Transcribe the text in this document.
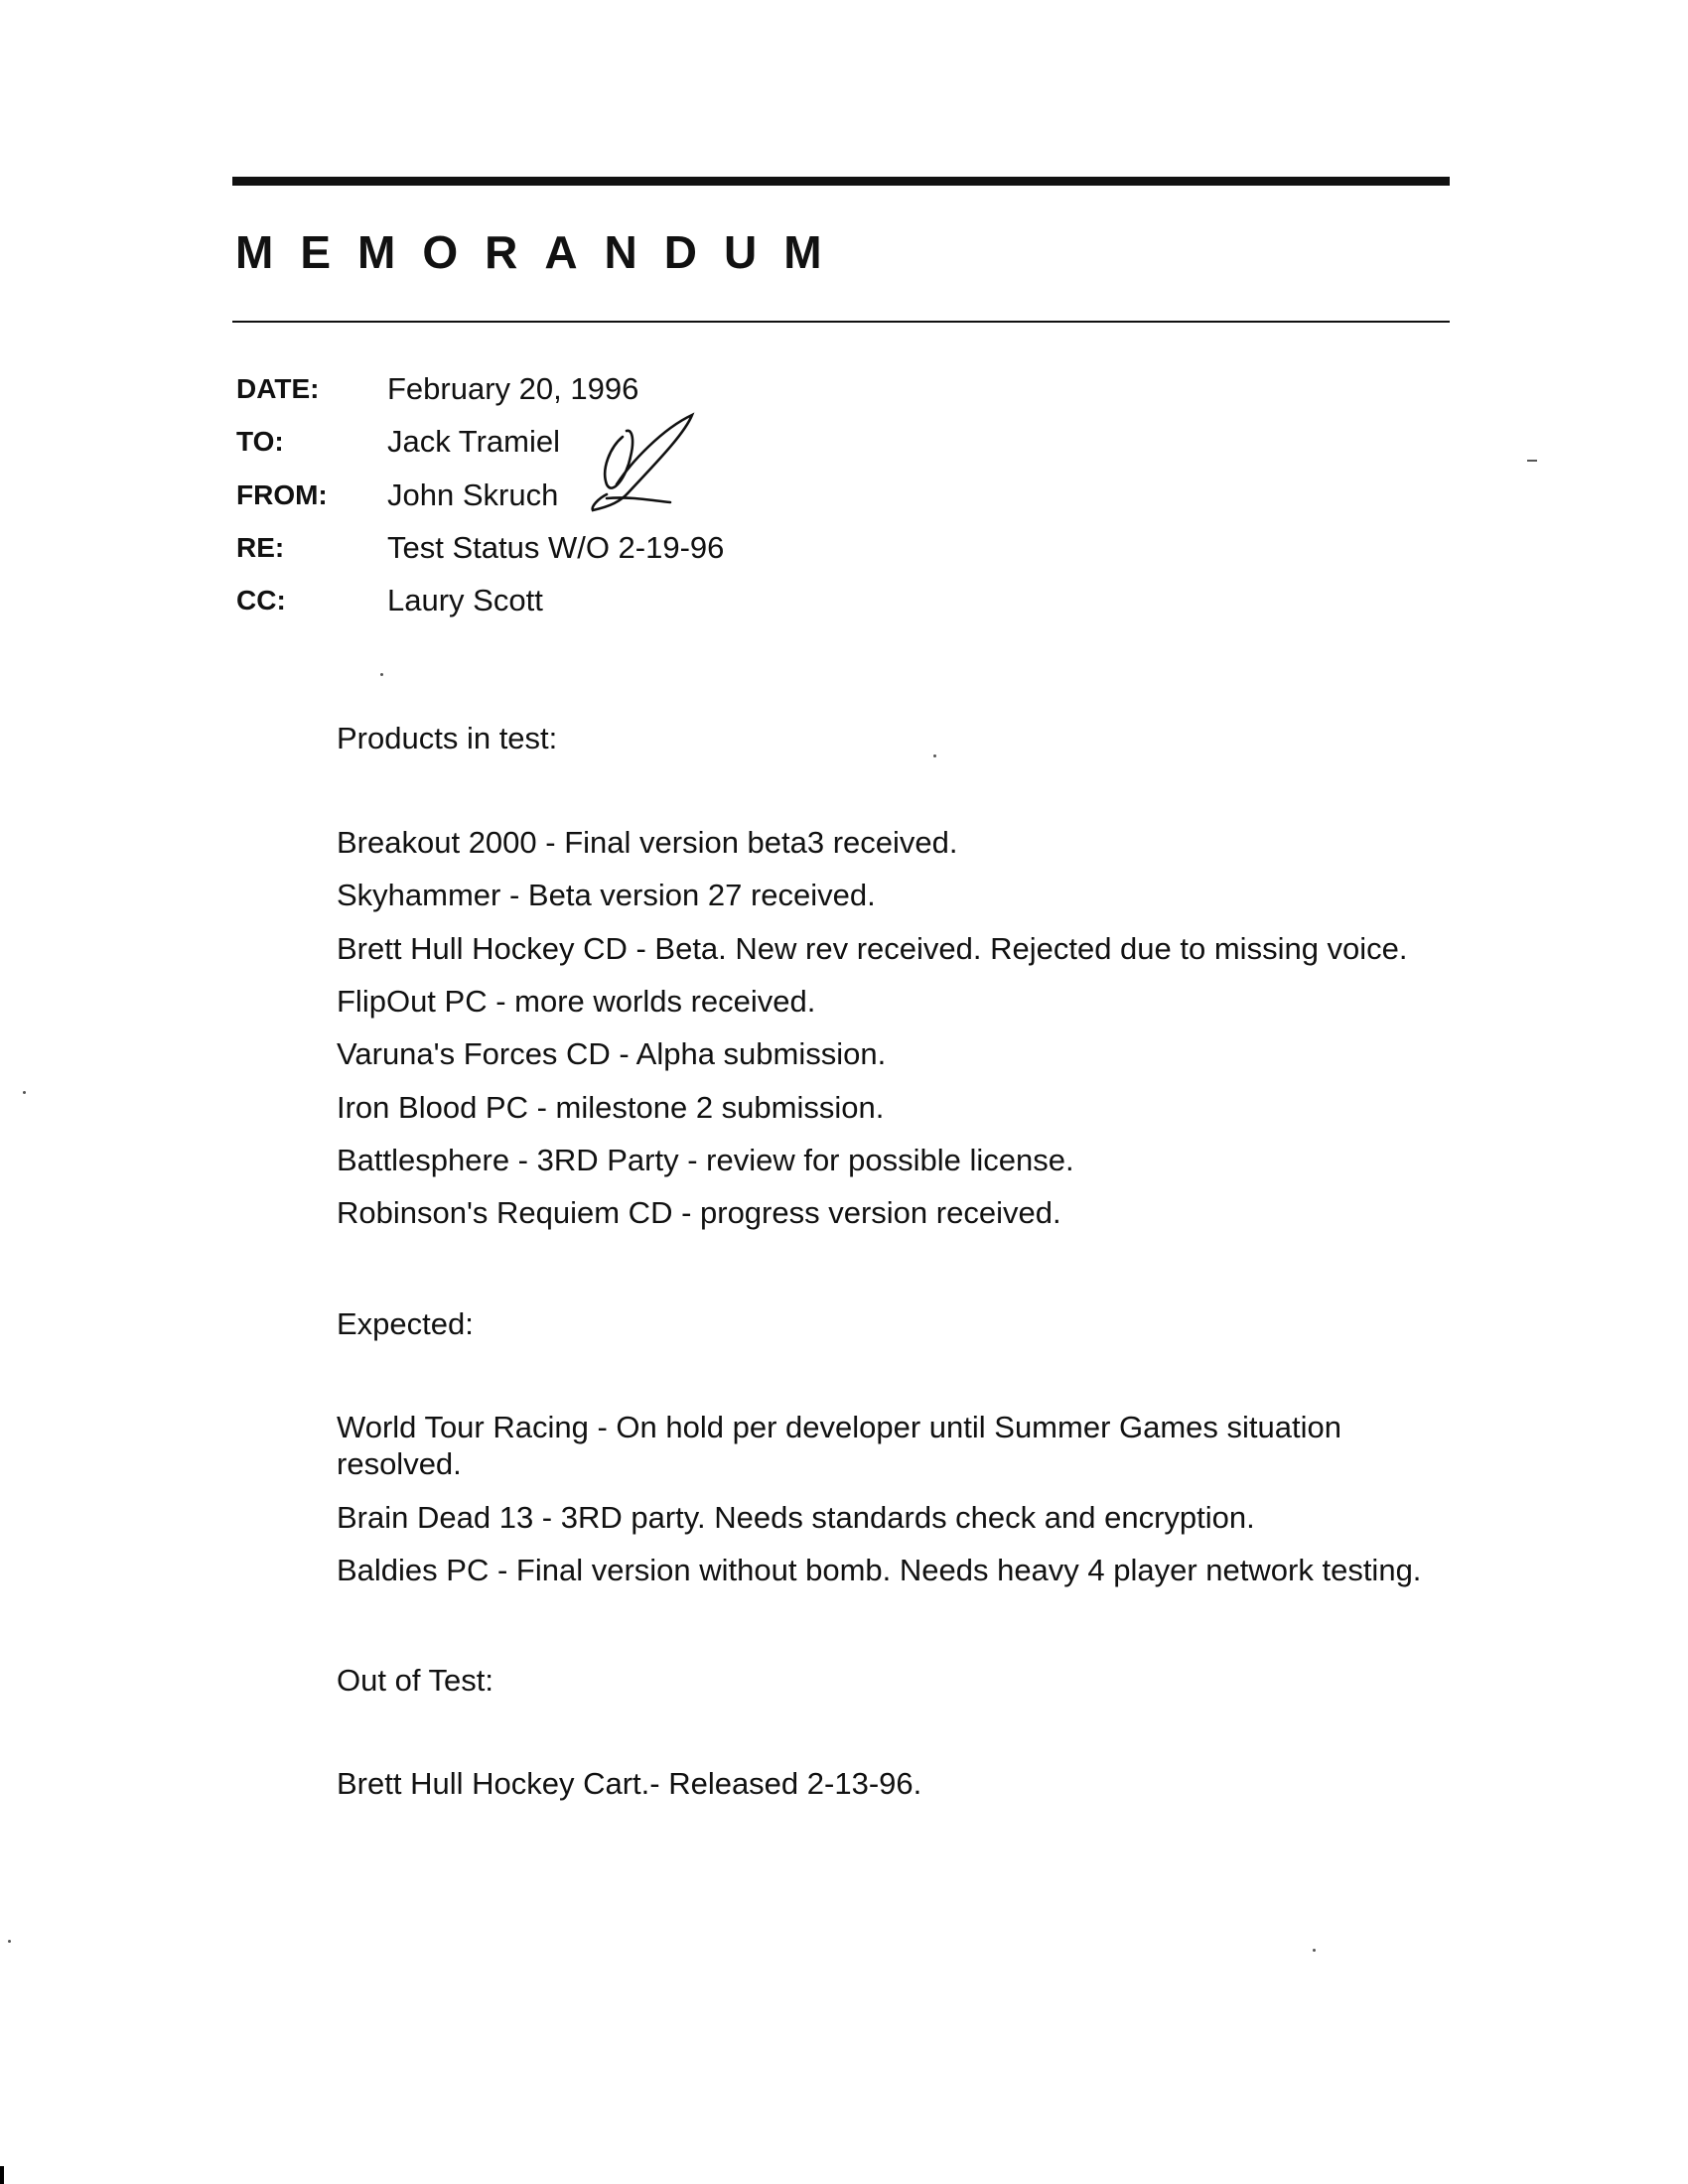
MEMORANDUM
DATE:	February 20, 1996
TO:	Jack Tramiel
FROM:	John Skruch
RE:	Test Status W/O 2-19-96
CC:	Laury Scott
Products in test:
Breakout 2000 - Final version beta3 received.
Skyhammer - Beta version 27 received.
Brett Hull Hockey CD - Beta. New rev received. Rejected due to missing voice.
FlipOut PC - more worlds received.
Varuna's Forces CD - Alpha submission.
Iron Blood PC - milestone 2 submission.
Battlesphere - 3RD Party - review for possible license.
Robinson's Requiem CD - progress version received.
Expected:
World Tour Racing - On hold per developer until Summer Games situation resolved.
Brain Dead 13 - 3RD party. Needs standards check and encryption.
Baldies PC - Final version without bomb. Needs heavy 4 player network testing.
Out of Test:
Brett Hull Hockey Cart.- Released 2-13-96.
